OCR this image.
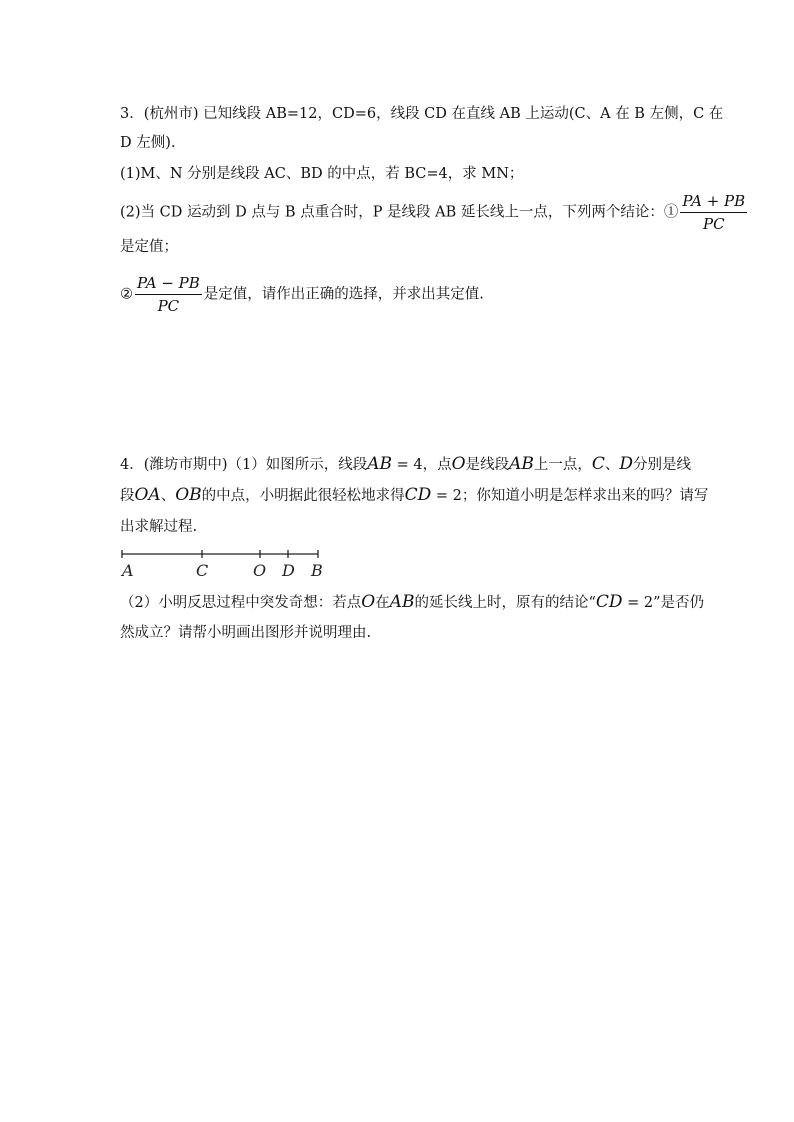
3．(杭州市) 已知线段 AB=12，CD=6，线段 CD 在直线 AB 上运动(C、A 在 B 左侧，C 在
D 左侧).
(1)M、N 分别是线段 AC、BD 的中点，若 BC=4，求 MN；
(2)当 CD 运动到 D 点与 B 点重合时，P 是线段 AB 延长线上一点，下列两个结论：① $\frac{PA + PB}{PC}$
是定值；
② $\frac{PA - PB}{PC}$ 是定值，请作出正确的选择，并求出其定值.
4．(潍坊市期中)（1）如图所示，线段AB = 4，点O是线段AB上一点，C、D分别是线
段OA、OB的中点，小明据此很轻松地求得CD = 2；你知道小明是怎样求出来的吗？请写
出求解过程.
A	C	O D B
（2）小明反思过程中突发奇想：若点O在AB的延长线上时，原有的结论“CD = 2”是否仍
然成立？请帮小明画出图形并说明理由.
